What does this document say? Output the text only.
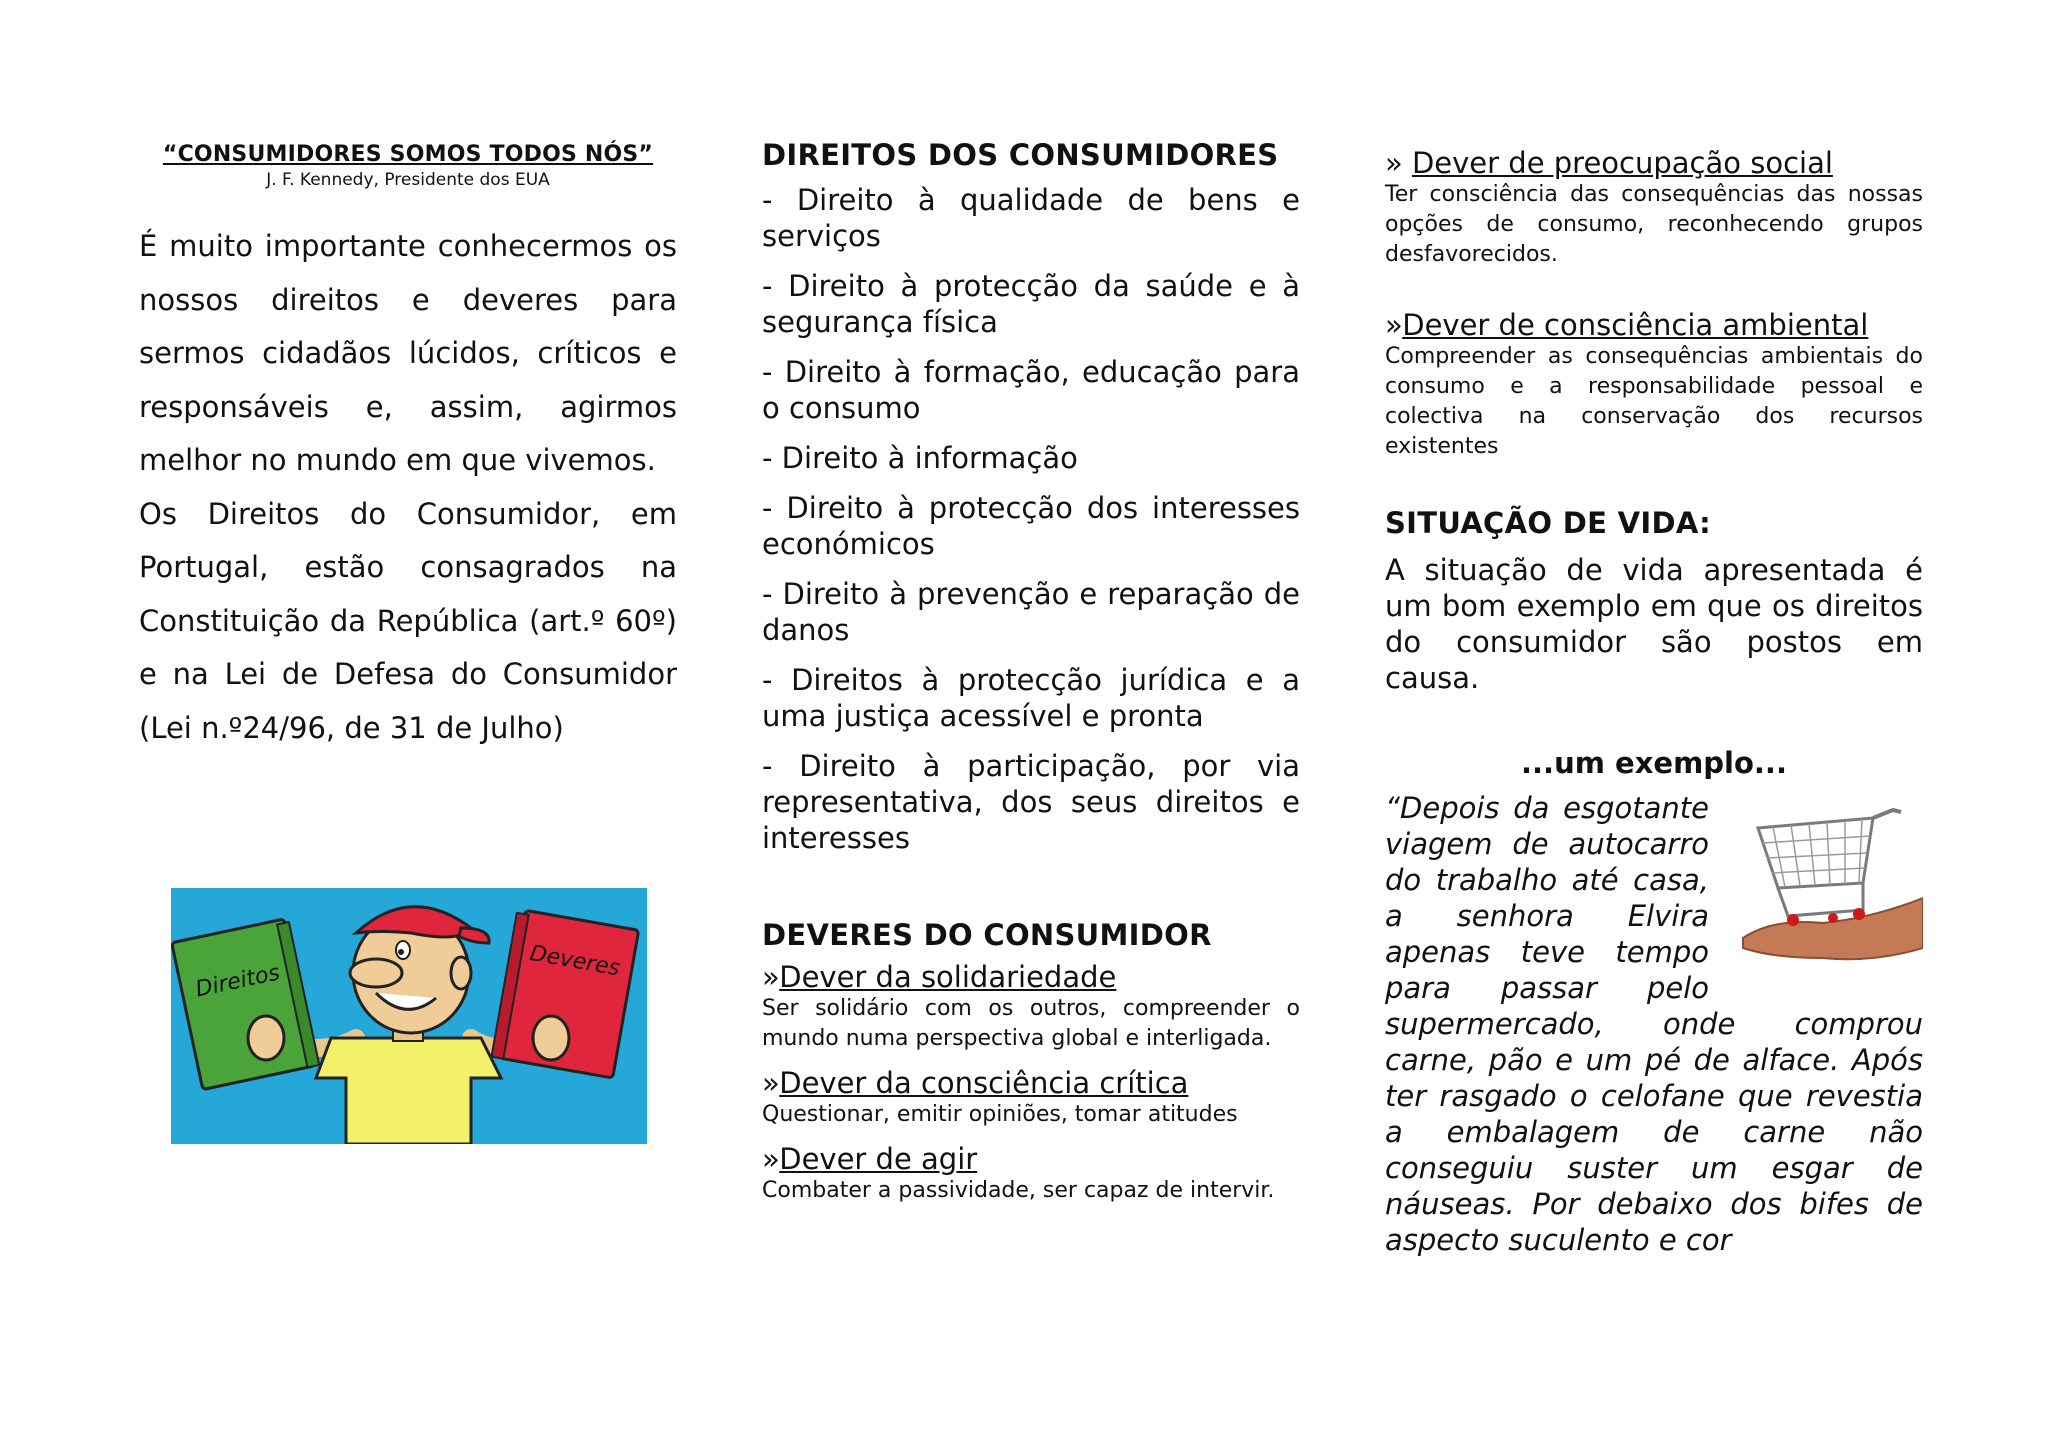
“CONSUMIDORES SOMOS TODOS NÓS”
J. F. Kennedy, Presidente dos EUA
É muito importante conhecermos os nossos direitos e deveres para sermos cidadãos lúcidos, críticos e responsáveis e, assim, agirmos melhor no mundo em que vivemos.
Os Direitos do Consumidor, em Portugal, estão consagrados na Constituição da República (art.º 60º) e na Lei de Defesa do Consumidor (Lei n.º24/96, de 31 de Julho)
Direitos	Deveres
DIREITOS DOS CONSUMIDORES
- Direito à qualidade de bens e serviços
- Direito à protecção da saúde e à segurança física
- Direito à formação, educação para o consumo
- Direito à informação
- Direito à protecção dos interesses económicos
- Direito à prevenção e reparação de danos
- Direitos à protecção jurídica e a uma justiça acessível e pronta
- Direito à participação, por via representativa, dos seus direitos e interesses
DEVERES DO CONSUMIDOR
»Dever da solidariedade
Ser solidário com os outros, compreender o mundo numa perspectiva global e interligada.
»Dever da consciência crítica
Questionar, emitir opiniões, tomar atitudes
»Dever de agir
Combater a passividade, ser capaz de intervir.
» Dever de preocupação social
Ter consciência das consequências das nossas opções de consumo, reconhecendo grupos desfavorecidos.
»Dever de consciência ambiental
Compreender as consequências ambientais do consumo e a responsabilidade pessoal e colectiva na conservação dos recursos existentes
SITUAÇÃO DE VIDA:
A situação de vida apresentada é um bom exemplo em que os direitos do consumidor são postos em causa.
...um exemplo...
“Depois da esgotante viagem de autocarro do trabalho até casa, a senhora Elvira apenas teve tempo para passar pelo supermercado, onde comprou carne, pão e um pé de alface. Após ter rasgado o celofane que revestia a embalagem de carne não conseguiu suster um esgar de náuseas. Por debaixo dos bifes de aspecto suculento e cor
